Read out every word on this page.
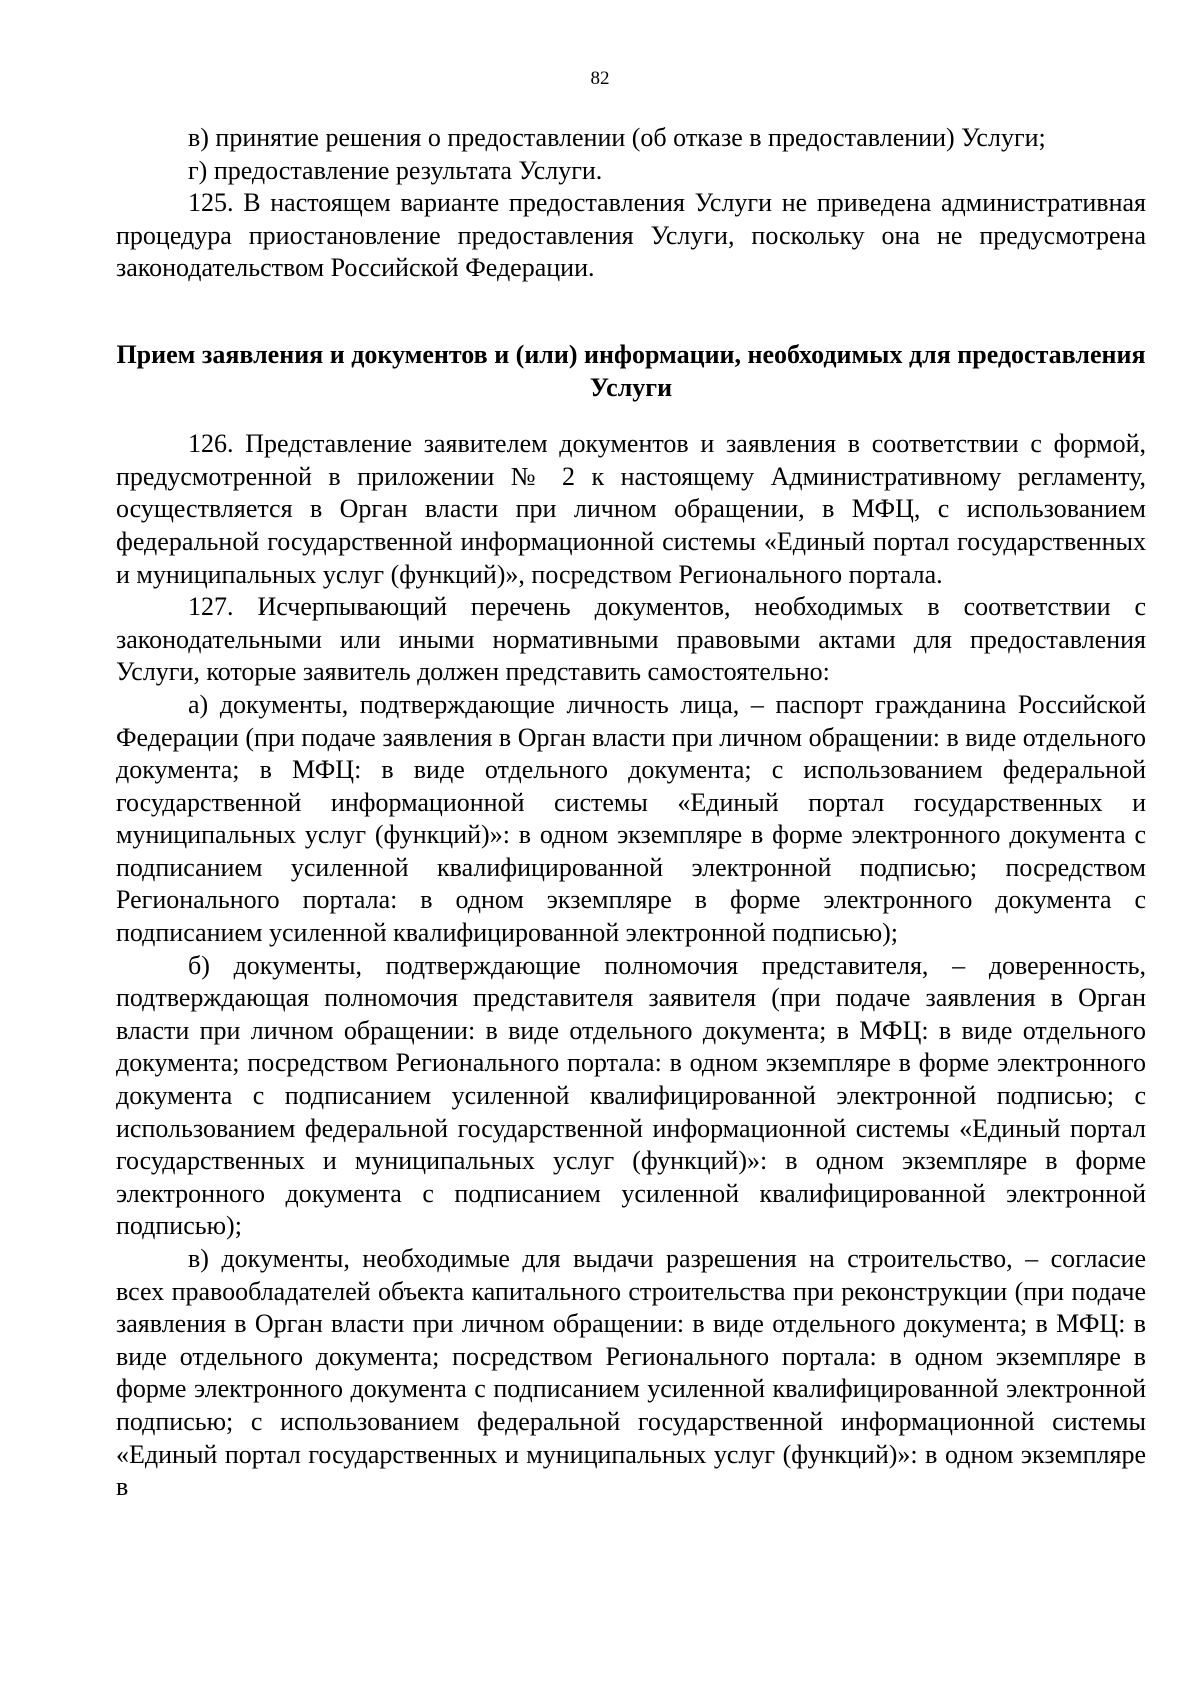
82

в) принятие решения о предоставлении (об отказе в предоставлении) Услуги;

г) предоставление результата Услуги.

125. В настоящем варианте предоставления Услуги не приведена административная процедура приостановление предоставления Услуги, поскольку она не предусмотрена законодательством Российской Федерации.

Прием заявления и документов и (или) информации, необходимых для предоставления Услуги

126. Представление заявителем документов и заявления в соответствии с формой, предусмотренной в приложении № 2 к настоящему Административному регламенту, осуществляется в Орган власти при личном обращении, в МФЦ, с использованием федеральной государственной информационной системы «Единый портал государственных и муниципальных услуг (функций)», посредством Регионального портала.

127. Исчерпывающий перечень документов, необходимых в соответствии с законодательными или иными нормативными правовыми актами для предоставления Услуги, которые заявитель должен представить самостоятельно:

а) документы, подтверждающие личность лица, – паспорт гражданина Российской Федерации (при подаче заявления в Орган власти при личном обращении: в виде отдельного документа; в МФЦ: в виде отдельного документа; с использованием федеральной государственной информационной системы «Единый портал государственных и муниципальных услуг (функций)»: в одном экземпляре в форме электронного документа с подписанием усиленной квалифицированной электронной подписью; посредством Регионального портала: в одном экземпляре в форме электронного документа с подписанием усиленной квалифицированной электронной подписью);

б) документы, подтверждающие полномочия представителя, – доверенность, подтверждающая полномочия представителя заявителя (при подаче заявления в Орган власти при личном обращении: в виде отдельного документа; в МФЦ: в виде отдельного документа; посредством Регионального портала: в одном экземпляре в форме электронного документа с подписанием усиленной квалифицированной электронной подписью; с использованием федеральной государственной информационной системы «Единый портал государственных и муниципальных услуг (функций)»: в одном экземпляре в форме электронного документа с подписанием усиленной квалифицированной электронной подписью);

в) документы, необходимые для выдачи разрешения на строительство, – согласие всех правообладателей объекта капитального строительства при реконструкции (при подаче заявления в Орган власти при личном обращении: в виде отдельного документа; в МФЦ: в виде отдельного документа; посредством Регионального портала: в одном экземпляре в форме электронного документа с подписанием усиленной квалифицированной электронной подписью; с использованием федеральной государственной информационной системы «Единый портал государственных и муниципальных услуг (функций)»: в одном экземпляре в
